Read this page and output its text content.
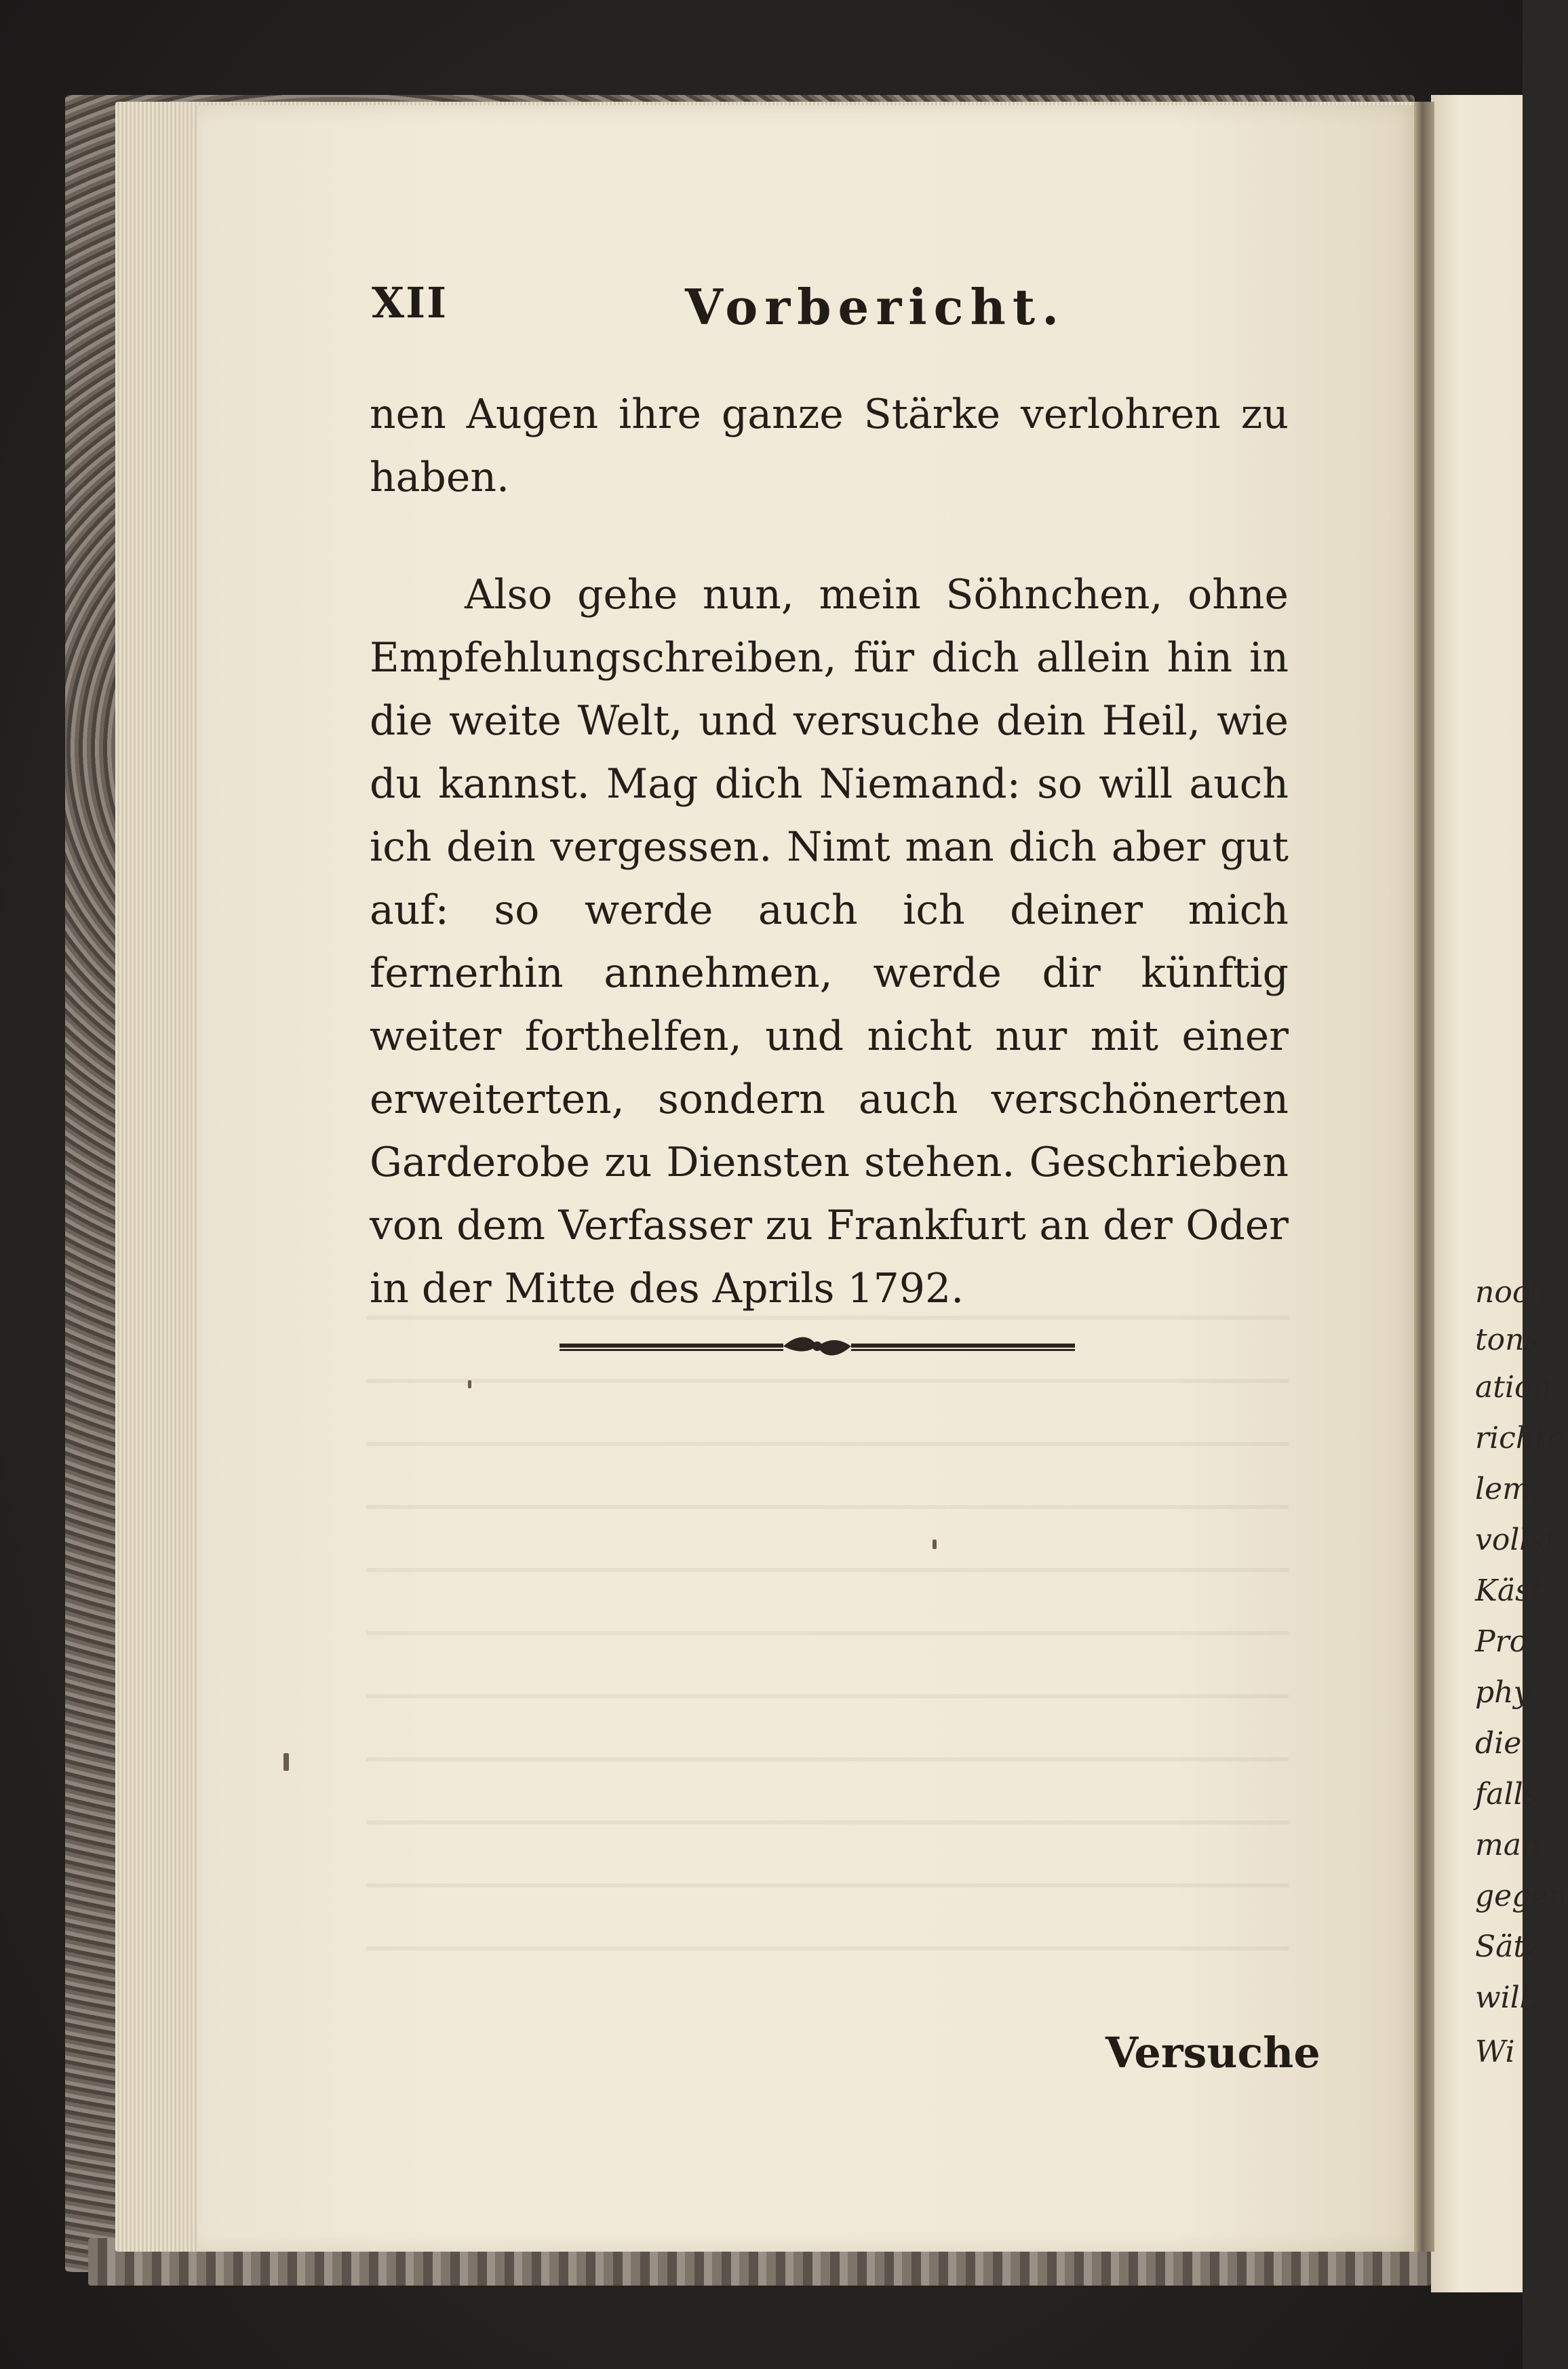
XII	Vorbericht.

nen Augen ihre ganze Stärke verlohren zu haben.

Also gehe nun, mein Söhnchen, ohne Empfehlungschreiben, für dich allein hin in die weite Welt, und versuche dein Heil, wie du kannst. Mag dich Niemand: so will auch ich dein vergessen. Nimt man dich aber gut auf: so werde auch ich deiner mich fernerhin annehmen, werde dir künftig weiter forthelfen, und nicht nur mit einer erweiterten, sondern auch verschönerten Garderobe zu Diensten stehen. Geschrieben von dem Verfasser zu Frankfurt an der Oder in der Mitte des Aprils 1792.

Versuche
noch
tons
ation
richte
lem,
vollst
Käst
Pro
phy
die
falls
man
gegen
Sätz
will.
Wi
